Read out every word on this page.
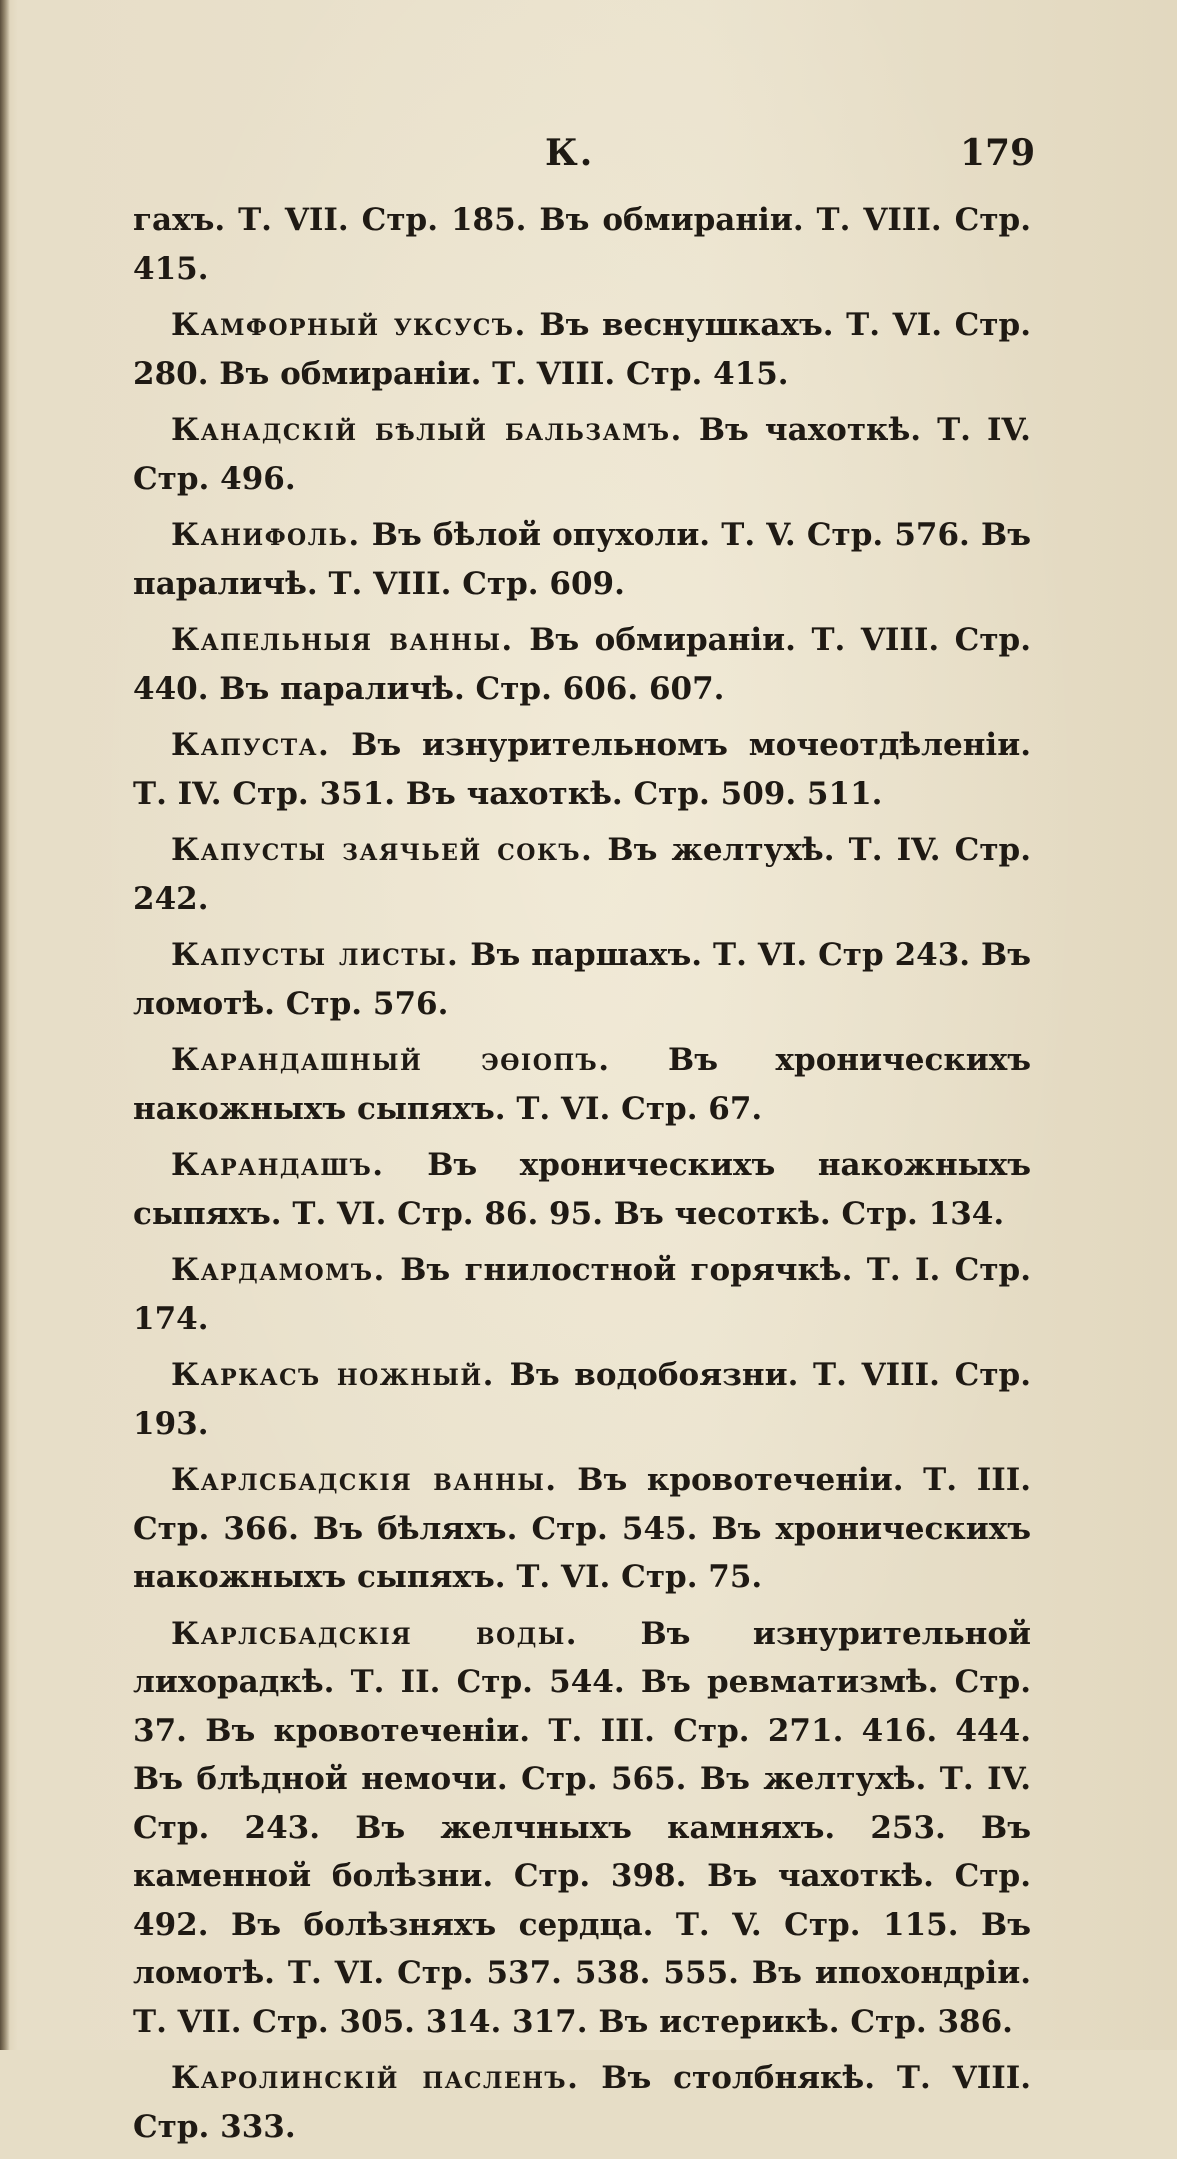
К.	179

гахъ. Т. VII. Стр. 185. Въ обмираніи. Т. VIII. Стр. 415.

Камфорный уксусъ. Въ веснушкахъ. Т. VI. Стр. 280. Въ обмираніи. Т. VIII. Стр. 415.

Канадскій бѣлый бальзамъ. Въ чахоткѣ. Т. IV. Стр. 496.

Канифоль. Въ бѣлой опухоли. Т. V. Стр. 576. Въ параличѣ. Т. VIII. Стр. 609.

Капельныя ванны. Въ обмираніи. Т. VIII. Стр. 440. Въ параличѣ. Стр. 606. 607.

Капуста. Въ изнурительномъ мочеотдѣленіи. Т. IV. Стр. 351. Въ чахоткѣ. Стр. 509. 511.

Капусты заячьей сокъ. Въ желтухѣ. Т. IV. Стр. 242.

Капусты листы. Въ паршахъ. Т. VI. Стр 243. Въ ломотѣ. Стр. 576.

Карандашный эѳіопъ. Въ хроническихъ накожныхъ сыпяхъ. Т. VI. Стр. 67.

Карандашъ. Въ хроническихъ накожныхъ сыпяхъ. Т. VI. Стр. 86. 95. Въ чесоткѣ. Стр. 134.

Кардамомъ. Въ гнилостной горячкѣ. Т. I. Стр. 174.

Каркасъ ножный. Въ водобоязни. Т. VIII. Стр. 193.

Карлсбадскія ванны. Въ кровотеченіи. Т. III. Стр. 366. Въ бѣляхъ. Стр. 545. Въ хроническихъ накожныхъ сыпяхъ. Т. VI. Стр. 75.

Карлсбадскія воды. Въ изнурительной лихорадкѣ. Т. II. Стр. 544. Въ ревматизмѣ. Стр. 37. Въ кровотеченіи. Т. III. Стр. 271. 416. 444. Въ блѣдной немочи. Стр. 565. Въ желтухѣ. Т. IV. Стр. 243. Въ желчныхъ камняхъ. 253. Въ каменной болѣзни. Стр. 398. Въ чахоткѣ. Стр. 492. Въ болѣзняхъ сердца. Т. V. Стр. 115. Въ ломотѣ. Т. VI. Стр. 537. 538. 555. Въ ипохондріи. Т. VII. Стр. 305. 314. 317. Въ истерикѣ. Стр. 386.

Каролинскій пасленъ. Въ столбнякѣ. Т. VIII. Стр. 333.
